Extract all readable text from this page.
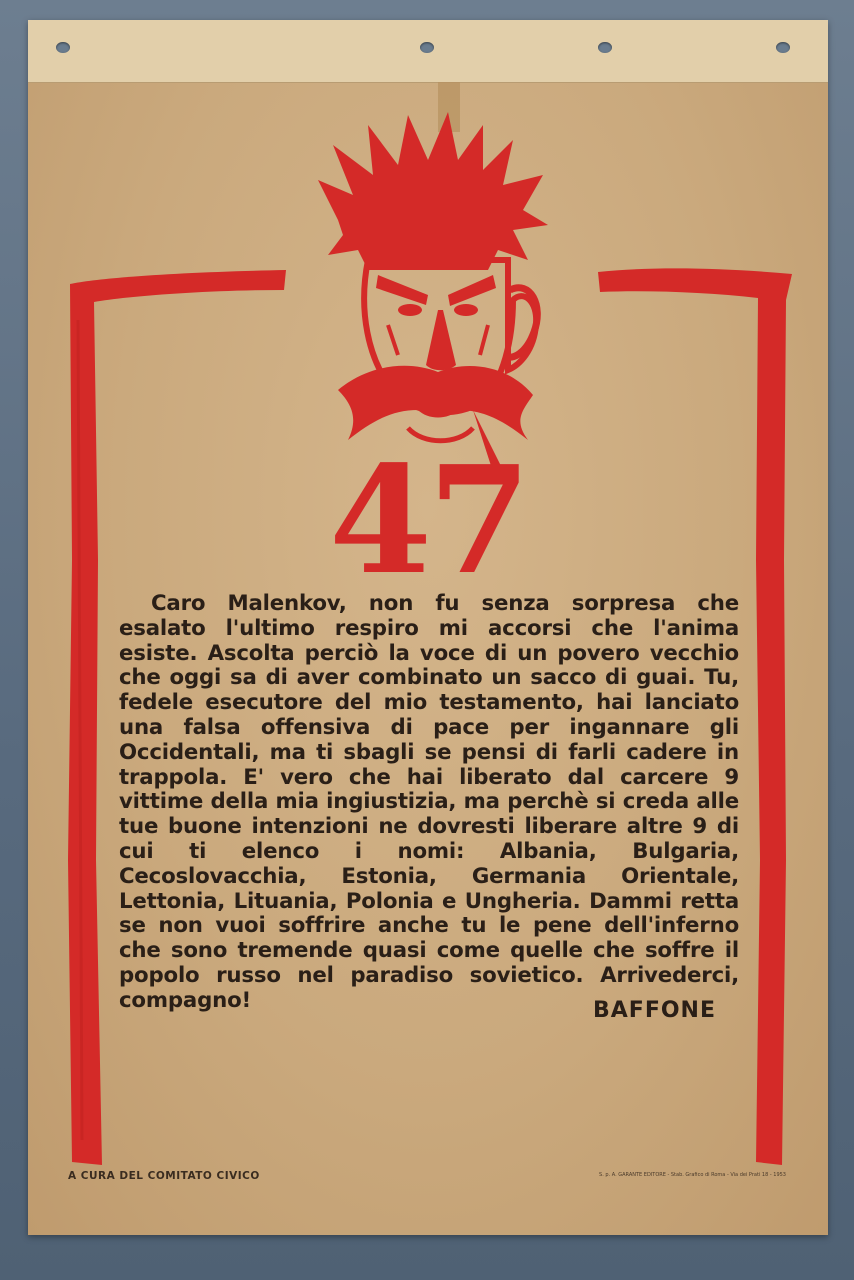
47

Caro Malenkov, non fu senza sorpresa che esalato l'ultimo respiro mi accorsi che l'anima esiste. Ascolta perciò la voce di un povero vecchio che oggi sa di aver combinato un sacco di guai. Tu, fedele esecutore del mio testamento, hai lanciato una falsa offensiva di pace per ingannare gli Occidentali, ma ti sbagli se pensi di farli cadere in trappola. E' vero che hai liberato dal carcere 9 vittime della mia ingiustizia, ma perchè si creda alle tue buone intenzioni ne dovresti liberare altre 9 di cui ti elenco i nomi: Albania, Bulgaria, Cecoslovacchia, Estonia, Germania Orientale, Lettonia, Lituania, Polonia e Ungheria. Dammi retta se non vuoi soffrire anche tu le pene dell'inferno che sono tremende quasi come quelle che soffre il popolo russo nel paradiso sovietico. Arrivederci, compagno!	BAFFONE
A CURA DEL COMITATO CIVICO	S. p. A. GARANTE EDITORE - Stab. Grafico di Roma - Via dei Prati 18 - 1953
